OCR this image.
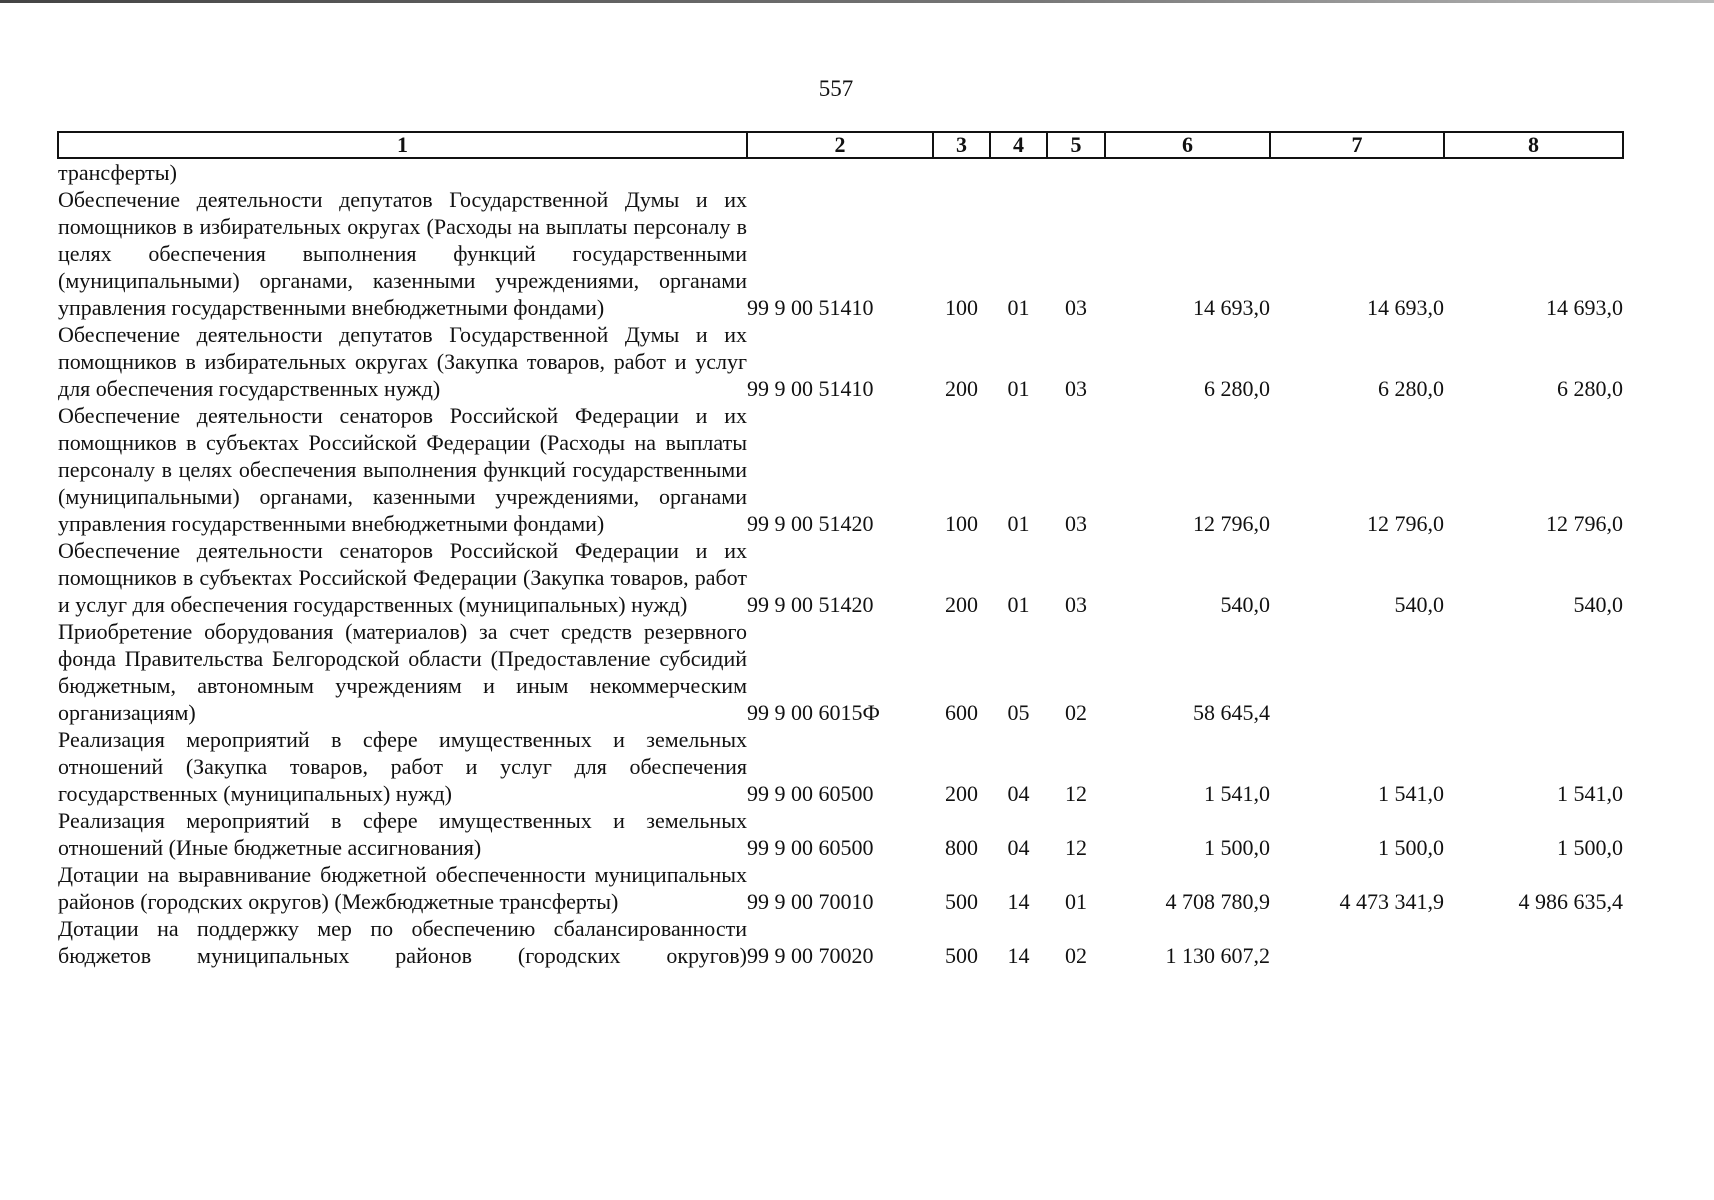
557
1	2	3	4	5	6	7	8
трансферты)							
Обеспечение деятельности депутатов Государственной Думы и их помощников в избирательных округах (Расходы на выплаты персоналу в целях обеспечения выполнения функций государственными (муниципальными) органами, казенными учреждениями, органами управления государственными внебюджетными фондами)	99 9 00 51410	100	01	03	14 693,0	14 693,0	14 693,0
Обеспечение деятельности депутатов Государственной Думы и их помощников в избирательных округах (Закупка товаров, работ и услуг для обеспечения государственных нужд)	99 9 00 51410	200	01	03	6 280,0	6 280,0	6 280,0
Обеспечение деятельности сенаторов Российской Федерации и их помощников в субъектах Российской Федерации (Расходы на выплаты персоналу в целях обеспечения выполнения функций государственными (муниципальными) органами, казенными учреждениями, органами управления государственными внебюджетными фондами)	99 9 00 51420	100	01	03	12 796,0	12 796,0	12 796,0
Обеспечение деятельности сенаторов Российской Федерации и их помощников в субъектах Российской Федерации (Закупка товаров, работ и услуг для обеспечения государственных (муниципальных) нужд)	99 9 00 51420	200	01	03	540,0	540,0	540,0
Приобретение оборудования (материалов) за счет средств резервного фонда Правительства Белгородской области (Предоставление субсидий бюджетным, автономным учреждениям и иным некоммерческим организациям)	99 9 00 6015Ф	600	05	02	58 645,4		
Реализация мероприятий в сфере имущественных и земельных отношений (Закупка товаров, работ и услуг для обеспечения государственных (муниципальных) нужд)	99 9 00 60500	200	04	12	1 541,0	1 541,0	1 541,0
Реализация мероприятий в сфере имущественных и земельных отношений (Иные бюджетные ассигнования)	99 9 00 60500	800	04	12	1 500,0	1 500,0	1 500,0
Дотации на выравнивание бюджетной обеспеченности муниципальных районов (городских округов) (Межбюджетные трансферты)	99 9 00 70010	500	14	01	4 708 780,9	4 473 341,9	4 986 635,4
Дотации на поддержку мер по обеспечению сбалансированности бюджетов муниципальных районов (городских округов)	99 9 00 70020	500	14	02	1 130 607,2		
